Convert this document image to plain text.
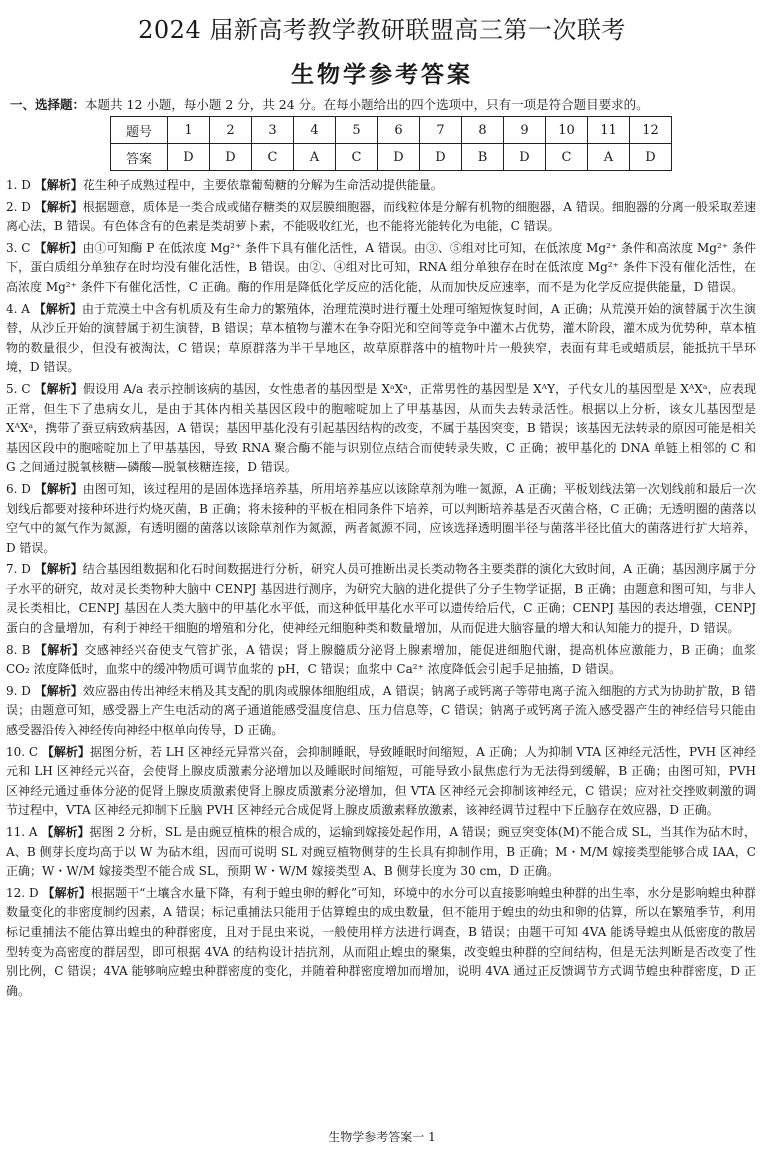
2024 届新高考教学教研联盟高三第一次联考
生物学参考答案
一、选择题：本题共 12 小题，每小题 2 分，共 24 分。在每小题给出的四个选项中，只有一项是符合题目要求的。
题号	1	2	3	4	5	6	7	8	9	10	11	12
答案	D	D	C	A	C	D	D	B	D	C	A	D
1. D 【解析】花生种子成熟过程中，主要依靠葡萄糖的分解为生命活动提供能量。
2. D 【解析】根据题意，质体是一类合成或储存糖类的双层膜细胞器，而线粒体是分解有机物的细胞器，A 错误。细胞器的分离一般采取差速离心法，B 错误。有色体含有的色素是类胡萝卜素，不能吸收红光，也不能将光能转化为电能，C 错误。
3. C 【解析】由①可知酶 P 在低浓度 Mg²⁺ 条件下具有催化活性，A 错误。由③、⑤组对比可知，在低浓度 Mg²⁺ 条件和高浓度 Mg²⁺ 条件下，蛋白质组分单独存在时均没有催化活性，B 错误。由②、④组对比可知，RNA 组分单独存在时在低浓度 Mg²⁺ 条件下没有催化活性，在高浓度 Mg²⁺ 条件下有催化活性，C 正确。酶的作用是降低化学反应的活化能，从而加快反应速率，而不是为化学反应提供能量，D 错误。
4. A 【解析】由于荒漠土中含有机质及有生命力的繁殖体，治理荒漠时进行覆土处理可缩短恢复时间，A 正确；从荒漠开始的演替属于次生演替，从沙丘开始的演替属于初生演替，B 错误；草本植物与灌木在争夺阳光和空间等竞争中灌木占优势，灌木阶段，灌木成为优势种，草本植物的数量很少，但没有被淘汰，C 错误；草原群落为半干旱地区，故草原群落中的植物叶片一般狭窄，表面有茸毛或蜡质层，能抵抗干旱环境，D 错误。
5. C 【解析】假设用 A/a 表示控制该病的基因，女性患者的基因型是 XᵃXᵃ，正常男性的基因型是 XᴬY，子代女儿的基因型是 XᴬXᵃ，应表现正常，但生下了患病女儿，是由于其体内相关基因区段中的胞嘧啶加上了甲基基因，从而失去转录活性。根据以上分析，该女儿基因型是 XᴬXᵃ，携带了蚕豆病致病基因，A 错误；基因甲基化没有引起基因结构的改变，不属于基因突变，B 错误；该基因无法转录的原因可能是相关基因区段中的胞嘧啶加上了甲基基因，导致 RNA 聚合酶不能与识别位点结合而使转录失败，C 正确；被甲基化的 DNA 单链上相邻的 C 和 G 之间通过脱氧核糖—磷酸—脱氧核糖连接，D 错误。
6. D 【解析】由图可知，该过程用的是固体选择培养基，所用培养基应以该除草剂为唯一氮源，A 正确；平板划线法第一次划线前和最后一次划线后都要对接种环进行灼烧灭菌，B 正确；将未接种的平板在相同条件下培养，可以判断培养基是否灭菌合格，C 正确；无透明圈的菌落以空气中的氮气作为氮源，有透明圈的菌落以该除草剂作为氮源，两者氮源不同，应该选择透明圈半径与菌落半径比值大的菌落进行扩大培养，D 错误。
7. D 【解析】结合基因组数据和化石时间数据进行分析，研究人员可推断出灵长类动物各主要类群的演化大致时间，A 正确；基因测序属于分子水平的研究，故对灵长类物种大脑中 CENPJ 基因进行测序，为研究大脑的进化提供了分子生物学证据，B 正确；由题意和图可知，与非人灵长类相比，CENPJ 基因在人类大脑中的甲基化水平低，而这种低甲基化水平可以遗传给后代，C 正确；CENPJ 基因的表达增强，CENPJ 蛋白的含量增加，有利于神经干细胞的增殖和分化，使神经元细胞种类和数量增加，从而促进大脑容量的增大和认知能力的提升，D 错误。
8. B 【解析】交感神经兴奋使支气管扩张，A 错误；肾上腺髓质分泌肾上腺素增加，能促进细胞代谢，提高机体应激能力，B 正确；血浆 CO₂ 浓度降低时，血浆中的缓冲物质可调节血浆的 pH，C 错误；血浆中 Ca²⁺ 浓度降低会引起手足抽搐，D 错误。
9. D 【解析】效应器由传出神经末梢及其支配的肌肉或腺体细胞组成，A 错误；钠离子或钙离子等带电离子流入细胞的方式为协助扩散，B 错误；由题意可知，感受器上产生电活动的离子通道能感受温度信息、压力信息等，C 错误；钠离子或钙离子流入感受器产生的神经信号只能由感受器沿传入神经传向神经中枢单向传导，D 正确。
10. C 【解析】据图分析，若 LH 区神经元异常兴奋，会抑制睡眠，导致睡眠时间缩短，A 正确；人为抑制 VTA 区神经元活性，PVH 区神经元和 LH 区神经元兴奋，会使肾上腺皮质激素分泌增加以及睡眠时间缩短，可能导致小鼠焦虑行为无法得到缓解，B 正确；由图可知，PVH 区神经元通过垂体分泌的促肾上腺皮质激素使肾上腺皮质激素分泌增加，但 VTA 区神经元会抑制该神经元，C 错误；应对社交挫败刺激的调节过程中，VTA 区神经元抑制下丘脑 PVH 区神经元合成促肾上腺皮质激素释放激素，该神经调节过程中下丘脑存在效应器，D 正确。
11. A 【解析】据图 2 分析，SL 是由豌豆植株的根合成的，运输到嫁接处起作用，A 错误；豌豆突变体(M)不能合成 SL，当其作为砧木时，A、B 侧芽长度均高于以 W 为砧木组，因而可说明 SL 对豌豆植物侧芽的生长具有抑制作用，B 正确；M・M/M 嫁接类型能够合成 IAA，C 正确；W・W/M 嫁接类型不能合成 SL，预期 W・W/M 嫁接类型 A、B 侧芽长度为 30 cm，D 正确。
12. D 【解析】根据题干“土壤含水量下降，有利于蝗虫卵的孵化”可知，环境中的水分可以直接影响蝗虫种群的出生率，水分是影响蝗虫种群数量变化的非密度制约因素，A 错误；标记重捕法只能用于估算蝗虫的成虫数量，但不能用于蝗虫的幼虫和卵的估算，所以在繁殖季节，利用标记重捕法不能估算出蝗虫的种群密度，且对于昆虫来说，一般使用样方法进行调查，B 错误；由题干可知 4VA 能诱导蝗虫从低密度的散居型转变为高密度的群居型，即可根据 4VA 的结构设计拮抗剂，从而阻止蝗虫的聚集，改变蝗虫种群的空间结构，但是无法判断是否改变了性别比例，C 错误；4VA 能够响应蝗虫种群密度的变化，并随着种群密度增加而增加，说明 4VA 通过正反馈调节方式调节蝗虫种群密度，D 正确。
生物学参考答案一 1
